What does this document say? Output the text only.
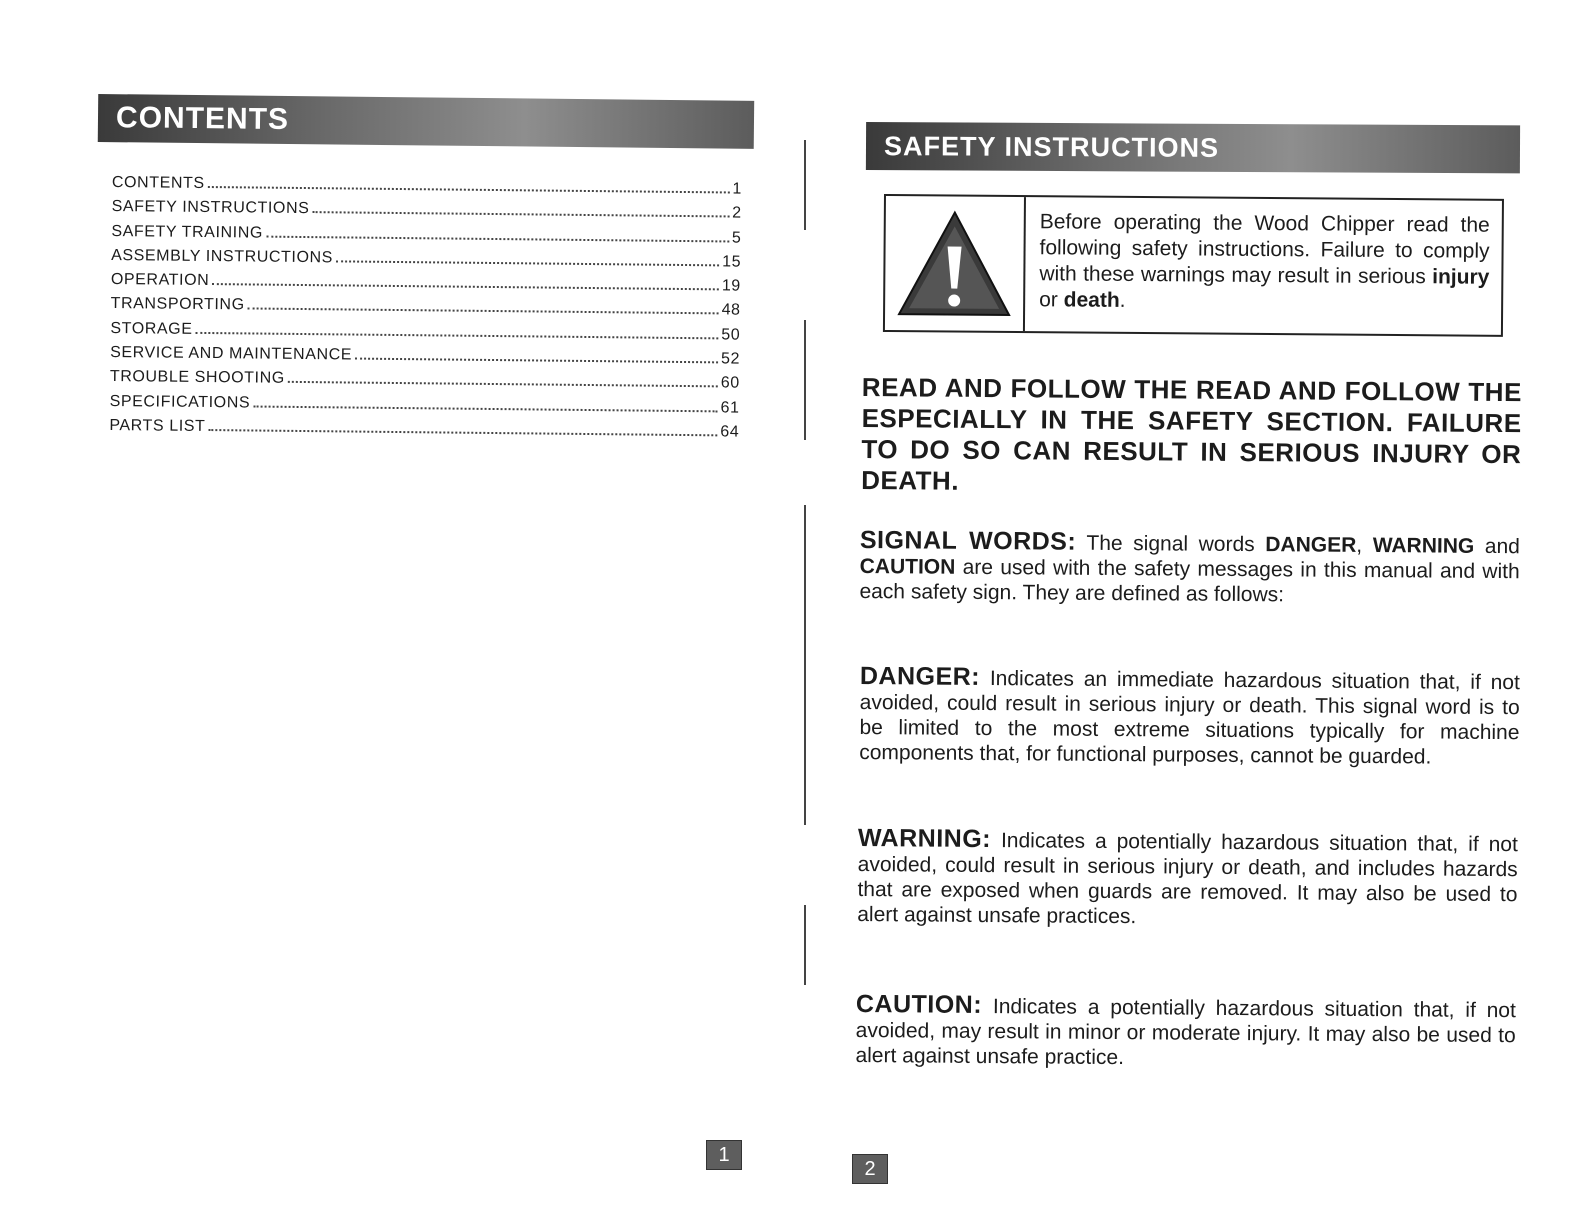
CONTENTS
CONTENTS	1
SAFETY INSTRUCTIONS	2
SAFETY TRAINING	5
ASSEMBLY INSTRUCTIONS	15
OPERATION	19
TRANSPORTING	48
STORAGE	50
SERVICE AND MAINTENANCE	52
TROUBLE SHOOTING	60
SPECIFICATIONS	61
PARTS LIST	64
1
SAFETY INSTRUCTIONS
Before operating the Wood Chipper read the following safety instructions. Failure to comply with these warnings may result in serious injury or death.

READ AND FOLLOW THE READ AND FOLLOW THE ESPECIALLY IN THE SAFETY SECTION. FAILURE TO DO SO CAN RESULT IN SERIOUS INJURY OR DEATH.

SIGNAL WORDS: The signal words DANGER, WARNING and CAUTION are used with the safety messages in this manual and with each safety sign. They are defined as follows:

DANGER: Indicates an immediate hazardous situation that, if not avoided, could result in serious injury or death. This signal word is to be limited to the most extreme situations typically for machine components that, for functional purposes, cannot be guarded.

WARNING: Indicates a potentially hazardous situation that, if not avoided, could result in serious injury or death, and includes hazards that are exposed when guards are removed. It may also be used to alert against unsafe practices.

CAUTION: Indicates a potentially hazardous situation that, if not avoided, may result in minor or moderate injury. It may also be used to alert against unsafe practice.

2
